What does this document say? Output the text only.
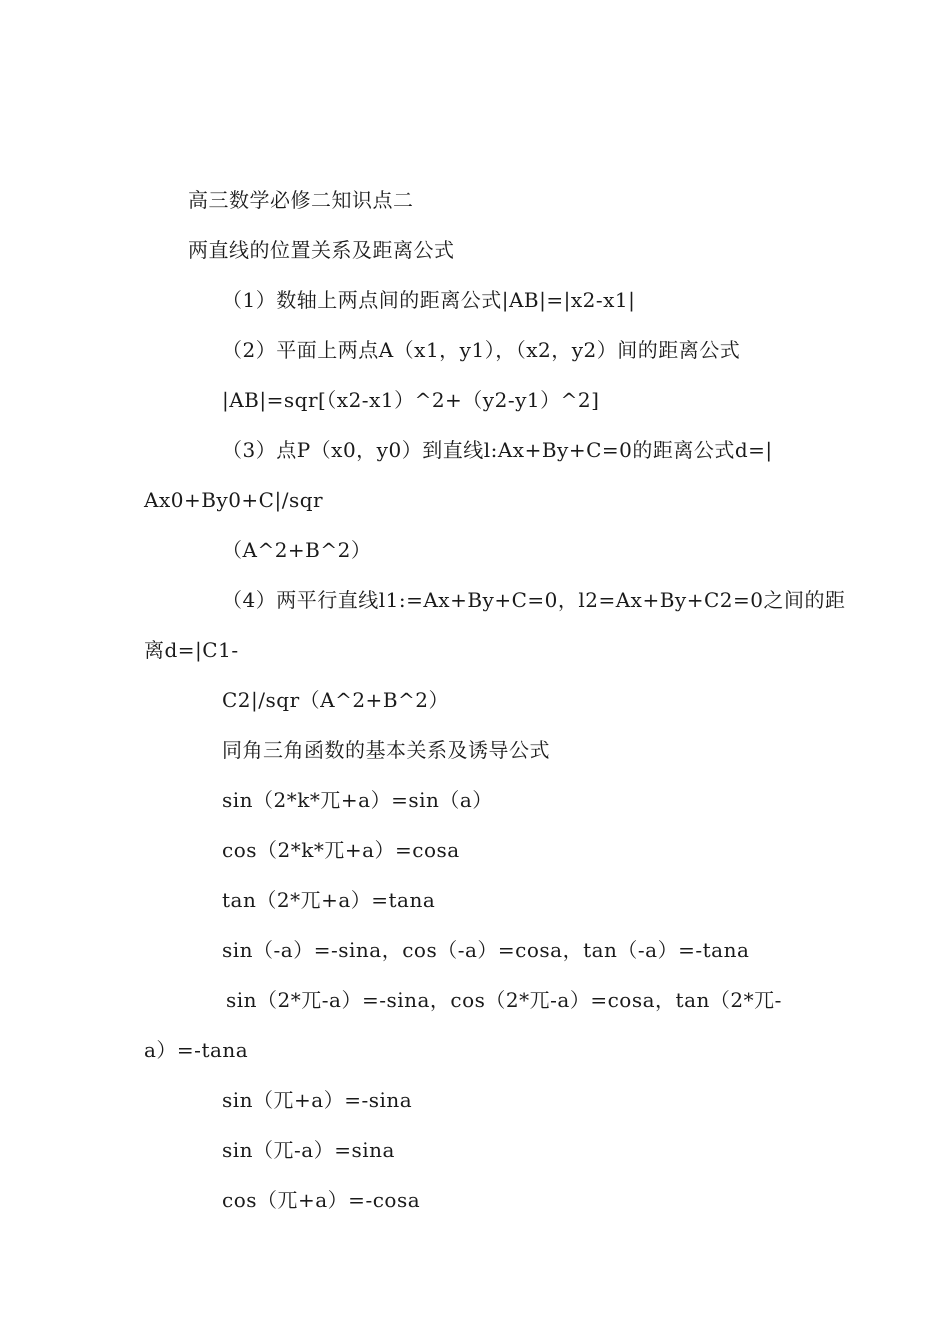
高三数学必修二知识点二
两直线的位置关系及距离公式
（1）数轴上两点间的距离公式|AB|=|x2-x1|
（2）平面上两点A（x1，y1），（x2，y2）间的距离公式
|AB|=sqr[（x2-x1）^2+（y2-y1）^2]
（3）点P（x0，y0）到直线l:Ax+By+C=0的距离公式d=|
Ax0+By0+C|/sqr
（A^2+B^2）
（4）两平行直线l1:=Ax+By+C=0，l2=Ax+By+C2=0之间的距
离d=|C1-
C2|/sqr（A^2+B^2）
同角三角函数的基本关系及诱导公式
sin（2*k*兀+a）=sin（a）
cos（2*k*兀+a）=cosa
tan（2*兀+a）=tana
sin（-a）=-sina，cos（-a）=cosa，tan（-a）=-tana
sin（2*兀-a）=-sina，cos（2*兀-a）=cosa，tan（2*兀-
a）=-tana
sin（兀+a）=-sina
sin（兀-a）=sina
cos（兀+a）=-cosa
